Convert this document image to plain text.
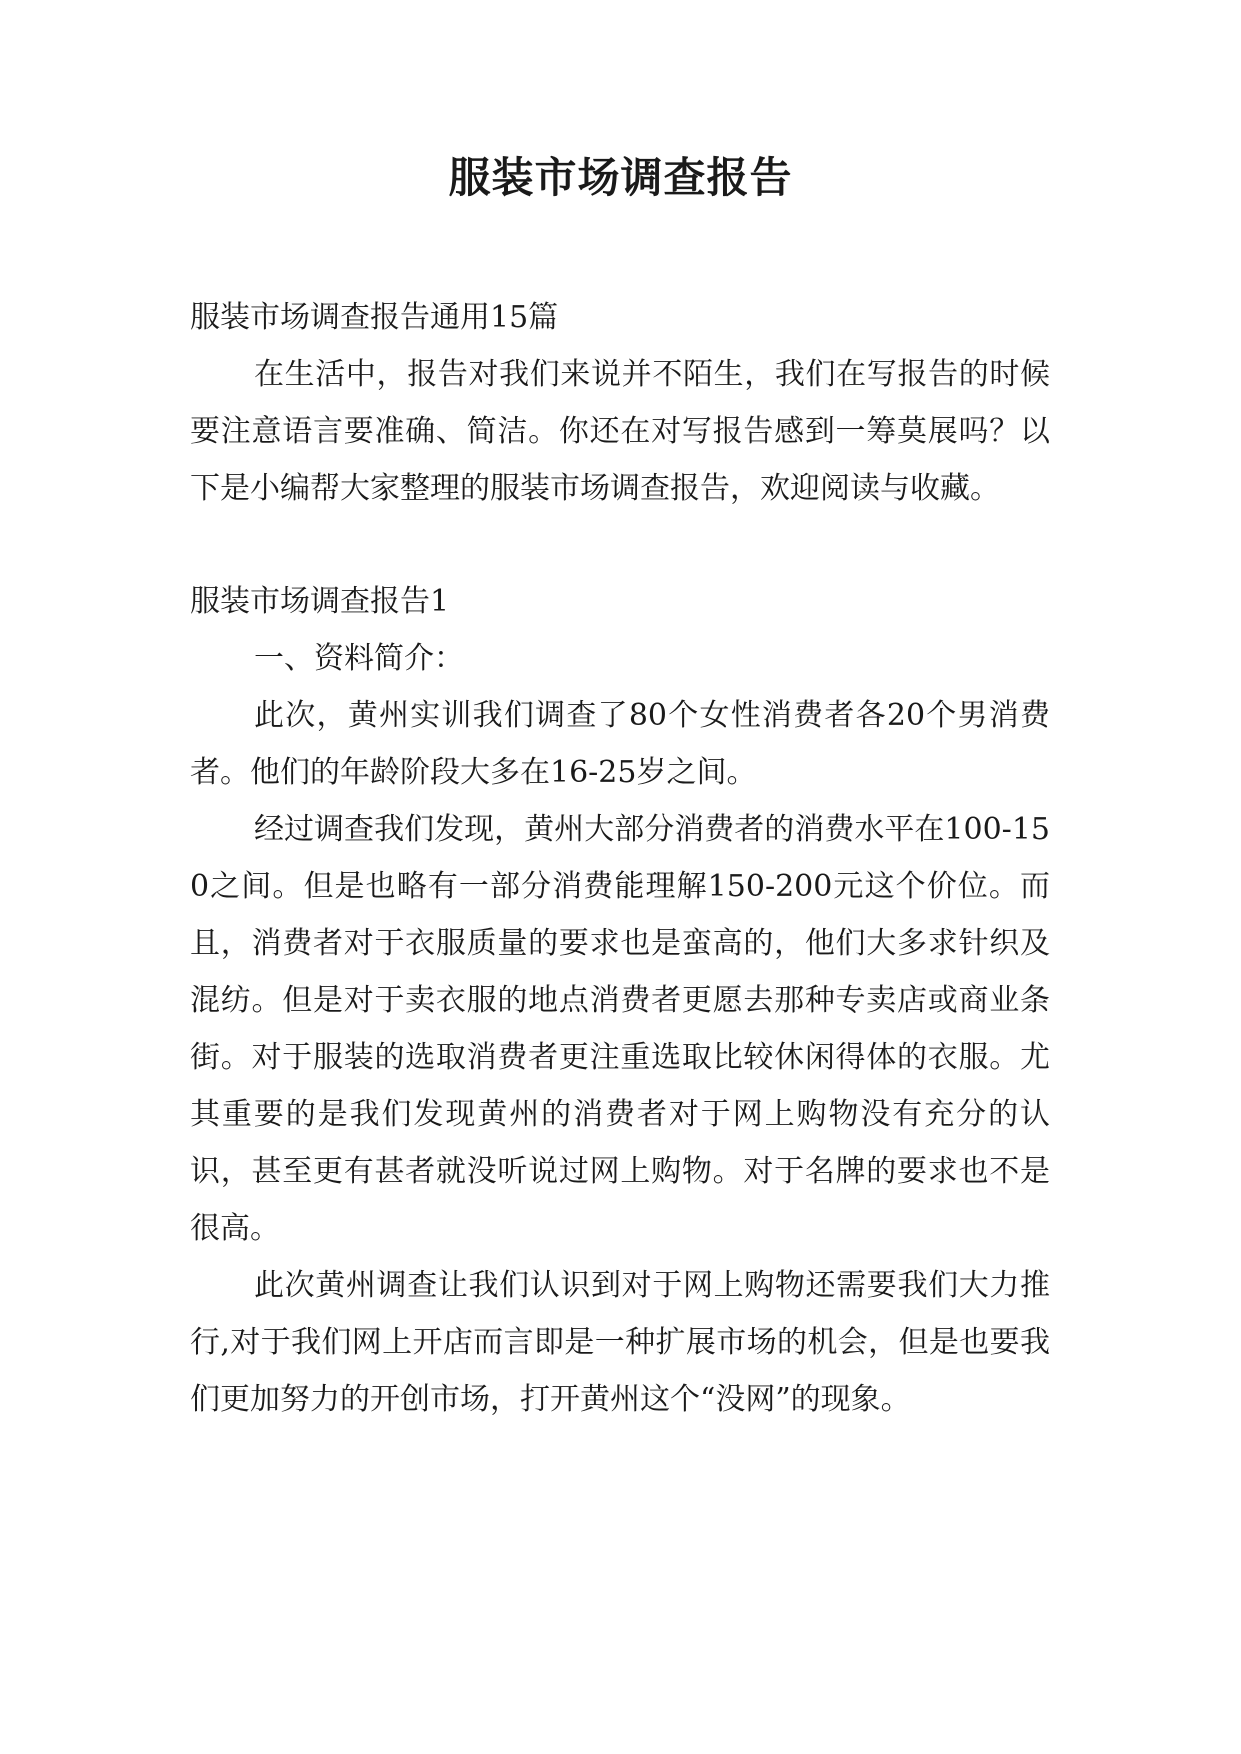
服装市场调查报告

服装市场调查报告通用15篇

在生活中，报告对我们来说并不陌生，我们在写报告的时候要注意语言要准确、简洁。你还在对写报告感到一筹莫展吗？以下是小编帮大家整理的服装市场调查报告，欢迎阅读与收藏。

服装市场调查报告1

一、资料简介：

此次，黄州实训我们调查了80个女性消费者各20个男消费者。他们的年龄阶段大多在16-25岁之间。

经过调查我们发现，黄州大部分消费者的消费水平在100-150之间。但是也略有一部分消费能理解150-200元这个价位。而且，消费者对于衣服质量的要求也是蛮高的，他们大多求针织及混纺。但是对于卖衣服的地点消费者更愿去那种专卖店或商业条街。对于服装的选取消费者更注重选取比较休闲得体的衣服。尤其重要的是我们发现黄州的消费者对于网上购物没有充分的认识，甚至更有甚者就没听说过网上购物。对于名牌的要求也不是很高。

此次黄州调查让我们认识到对于网上购物还需要我们大力推行,对于我们网上开店而言即是一种扩展市场的机会，但是也要我们更加努力的开创市场，打开黄州这个“没网”的现象。
